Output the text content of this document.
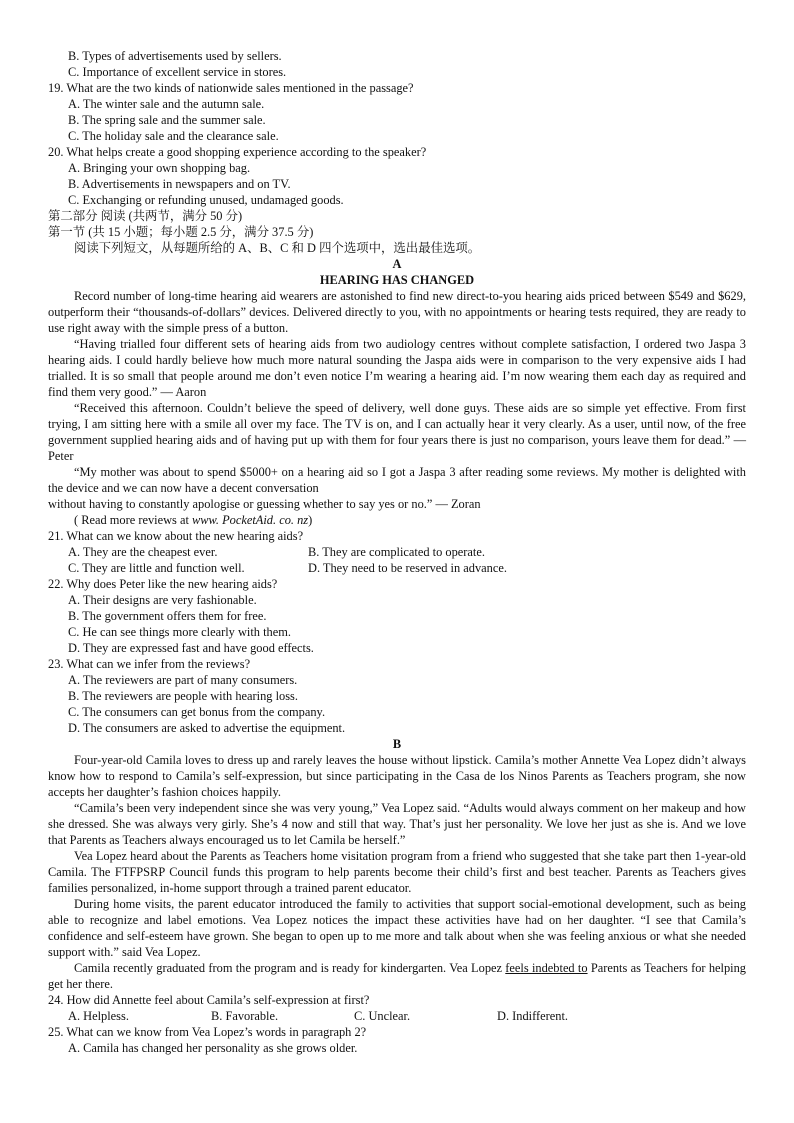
B. Types of advertisements used by sellers.
C. Importance of excellent service in stores.
19. What are the two kinds of nationwide sales mentioned in the passage?
A. The winter sale and the autumn sale.
B. The spring sale and the summer sale.
C. The holiday sale and the clearance sale.
20. What helps create a good shopping experience according to the speaker?
A. Bringing your own shopping bag.
B. Advertisements in newspapers and on TV.
C. Exchanging or refunding unused, undamaged goods.
第二部分 阅读 (共两节，满分 50 分)
第一节 (共 15 小题；每小题 2.5 分，满分 37.5 分)
阅读下列短文，从每题所给的 A、B、C 和 D 四个选项中，选出最佳选项。
A
HEARING HAS CHANGED
Record number of long-time hearing aid wearers are astonished to find new direct-to-you hearing aids priced between $549 and $629, outperform their “thousands-of-dollars” devices. Delivered directly to you, with no appointments or hearing tests required, they are ready to use right away with the simple press of a button.
“Having trialled four different sets of hearing aids from two audiology centres without complete satisfaction, I ordered two Jaspa 3 hearing aids. I could hardly believe how much more natural sounding the Jaspa aids were in comparison to the very expensive aids I had trialled. It is so small that people around me don’t even notice I’m wearing a hearing aid. I’m now wearing them each day as required and find them very good.” — Aaron
“Received this afternoon. Couldn’t believe the speed of delivery, well done guys. These aids are so simple yet effective. From first trying, I am sitting here with a smile all over my face. The TV is on, and I can actually hear it very clearly. As a user, until now, of the free government supplied hearing aids and of having put up with them for four years there is just no comparison, yours leave them for dead.” — Peter
“My mother was about to spend $5000+ on a hearing aid so I got a Jaspa 3 after reading some reviews. My mother is delighted with the device and we can now have a decent conversation
without having to constantly apologise or guessing whether to say yes or no.” — Zoran
( Read more reviews at www. PocketAid. co. nz)
21. What can we know about the new hearing aids?
A. They are the cheapest ever.	B. They are complicated to operate.
C. They are little and function well.	D. They need to be reserved in advance.
22. Why does Peter like the new hearing aids?
A. Their designs are very fashionable.
B. The government offers them for free.
C. He can see things more clearly with them.
D. They are expressed fast and have good effects.
23. What can we infer from the reviews?
A. The reviewers are part of many consumers.
B. The reviewers are people with hearing loss.
C. The consumers can get bonus from the company.
D. The consumers are asked to advertise the equipment.
B
Four-year-old Camila loves to dress up and rarely leaves the house without lipstick. Camila’s mother Annette Vea Lopez didn’t always know how to respond to Camila’s self-expression, but since participating in the Casa de los Ninos Parents as Teachers program, she now accepts her daughter’s fashion choices happily.
“Camila’s been very independent since she was very young,” Vea Lopez said. “Adults would always comment on her makeup and how she dressed. She was always very girly. She’s 4 now and still that way. That’s just her personality. We love her just as she is. And we love that Parents as Teachers always encouraged us to let Camila be herself.”
Vea Lopez heard about the Parents as Teachers home visitation program from a friend who suggested that she take part then 1-year-old Camila. The FTFPSRP Council funds this program to help parents become their child’s first and best teacher. Parents as Teachers gives families personalized, in-home support through a trained parent educator.
During home visits, the parent educator introduced the family to activities that support social-emotional development, such as being able to recognize and label emotions. Vea Lopez notices the impact these activities have had on her daughter. “I see that Camila’s confidence and self-esteem have grown. She began to open up to me more and talk about when she was feeling anxious or what she needed support with.” said Vea Lopez.
Camila recently graduated from the program and is ready for kindergarten. Vea Lopez feels indebted to Parents as Teachers for helping get her there.
24. How did Annette feel about Camila’s self-expression at first?
A. Helpless.	B. Favorable.	C. Unclear.	D. Indifferent.
25. What can we know from Vea Lopez’s words in paragraph 2?
A. Camila has changed her personality as she grows older.
